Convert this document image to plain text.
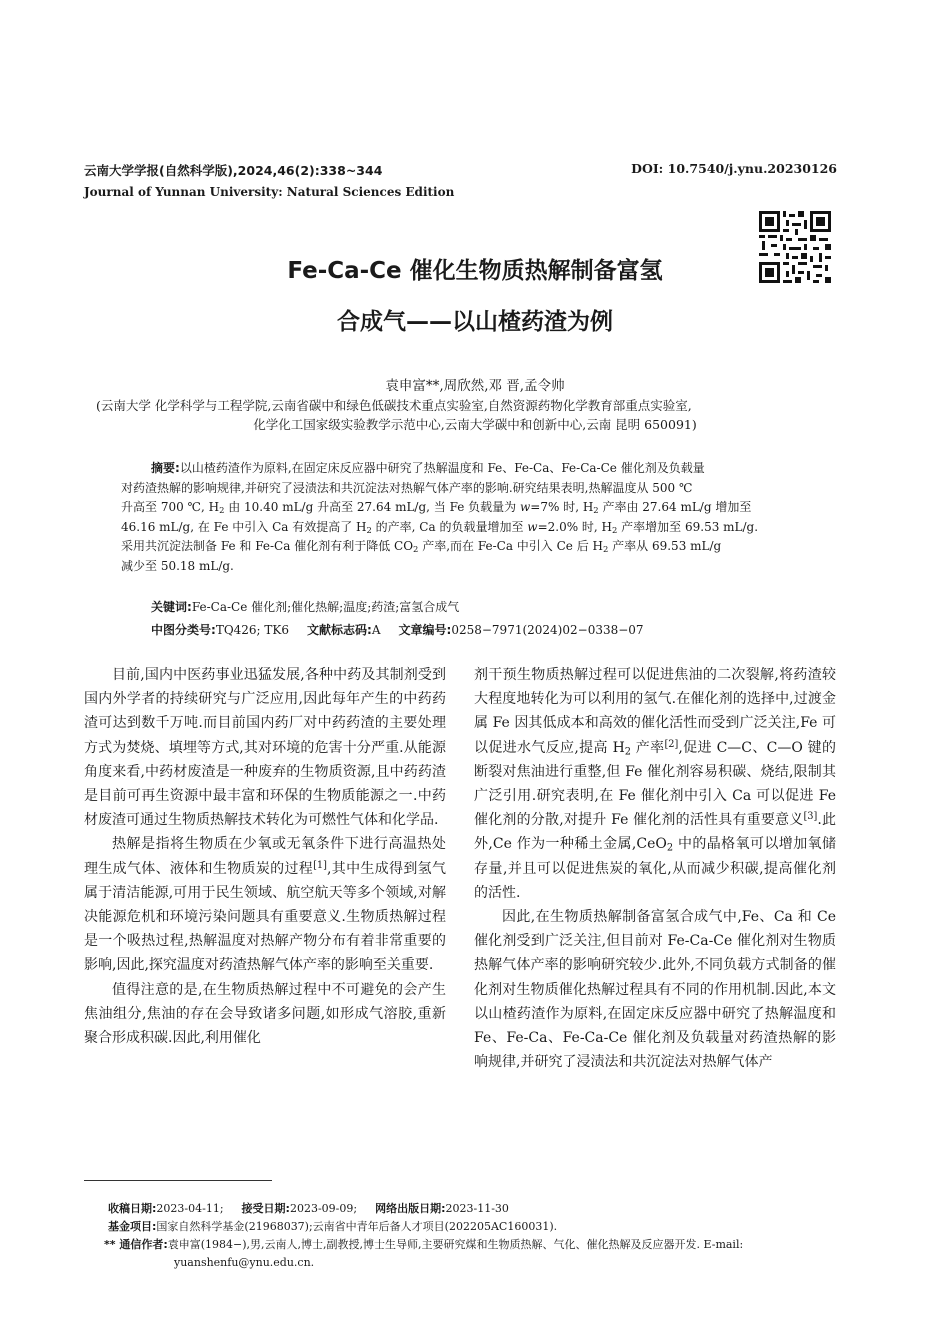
云南大学学报(自然科学版),2024,46(2):338~344	DOI: 10.7540/j.ynu.20230126
Journal of Yunnan University: Natural Sciences Edition
Fe-Ca-Ce 催化生物质热解制备富氢
合成气——以山楂药渣为例
袁申富**,周欣然,邓 晋,孟令帅
(云南大学 化学科学与工程学院,云南省碳中和绿色低碳技术重点实验室,自然资源药物化学教育部重点实验室,
化学化工国家级实验教学示范中心,云南大学碳中和创新中心,云南 昆明 650091)
摘要:以山楂药渣作为原料,在固定床反应器中研究了热解温度和 Fe、Fe-Ca、Fe-Ca-Ce 催化剂及负载量
对药渣热解的影响规律,并研究了浸渍法和共沉淀法对热解气体产率的影响.研究结果表明,热解温度从 500 ℃
升高至 700 ℃, $H_2$ 由 10.40 mL/g 升高至 27.64 mL/g, 当 Fe 负载量为 w=7% 时, $H_2$ 产率由 27.64 mL/g 增加至
46.16 mL/g, 在 Fe 中引入 Ca 有效提高了 $H_2$ 的产率, Ca 的负载量增加至 w=2.0% 时, $H_2$ 产率增加至 69.53 mL/g.
采用共沉淀法制备 Fe 和 Fe-Ca 催化剂有利于降低 $CO_2$ 产率,而在 Fe-Ca 中引入 Ce 后 $H_2$ 产率从 69.53 mL/g
减少至 50.18 mL/g.
关键词:Fe-Ca-Ce 催化剂;催化热解;温度;药渣;富氢合成气
中图分类号:TQ426; TK6 文献标志码:A 文章编号:0258−7971(2024)02−0338−07

目前,国内中医药事业迅猛发展,各种中药及其制剂受到国内外学者的持续研究与广泛应用,因此每年产生的中药药渣可达到数千万吨.而目前国内药厂对中药药渣的主要处理方式为焚烧、填埋等方式,其对环境的危害十分严重.从能源角度来看,中药材废渣是一种废弃的生物质资源,且中药药渣是目前可再生资源中最丰富和环保的生物质能源之一.中药材废渣可通过生物质热解技术转化为可燃性气体和化学品.

热解是指将生物质在少氧或无氧条件下进行高温热处理生成气体、液体和生物质炭的过程[1],其中生成得到氢气属于清洁能源,可用于民生领域、航空航天等多个领域,对解决能源危机和环境污染问题具有重要意义.生物质热解过程是一个吸热过程,热解温度对热解产物分布有着非常重要的影响,因此,探究温度对药渣热解气体产率的影响至关重要.

值得注意的是,在生物质热解过程中不可避免的会产生焦油组分,焦油的存在会导致诸多问题,如形成气溶胶,重新聚合形成积碳.因此,利用催化

剂干预生物质热解过程可以促进焦油的二次裂解,将药渣较大程度地转化为可以利用的氢气.在催化剂的选择中,过渡金属 Fe 因其低成本和高效的催化活性而受到广泛关注,Fe 可以促进水气反应,提高 $H_2$ 产率[2],促进 C—C、C—O 键的断裂对焦油进行重整,但 Fe 催化剂容易积碳、烧结,限制其广泛引用.研究表明,在 Fe 催化剂中引入 Ca 可以促进 Fe 催化剂的分散,对提升 Fe 催化剂的活性具有重要意义[3].此外,Ce 作为一种稀土金属,CeO$_2$ 中的晶格氧可以增加氧储存量,并且可以促进焦炭的氧化,从而减少积碳,提高催化剂的活性.

因此,在生物质热解制备富氢合成气中,Fe、Ca 和 Ce 催化剂受到广泛关注,但目前对 Fe-Ca-Ce 催化剂对生物质热解气体产率的影响研究较少.此外,不同负载方式制备的催化剂对生物质催化热解过程具有不同的作用机制.因此,本文以山楂药渣作为原料,在固定床反应器中研究了热解温度和 Fe、Fe-Ca、Fe-Ca-Ce 催化剂及负载量对药渣热解的影响规律,并研究了浸渍法和共沉淀法对热解气体产

收稿日期:2023-04-11; 接受日期:2023-09-09; 网络出版日期:2023-11-30
基金项目:国家自然科学基金(21968037);云南省中青年后备人才项目(202205AC160031).
** 通信作者:袁申富(1984−),男,云南人,博士,副教授,博士生导师,主要研究煤和生物质热解、气化、催化热解及反应器开发. E-mail:
yuanshenfu@ynu.edu.cn.
